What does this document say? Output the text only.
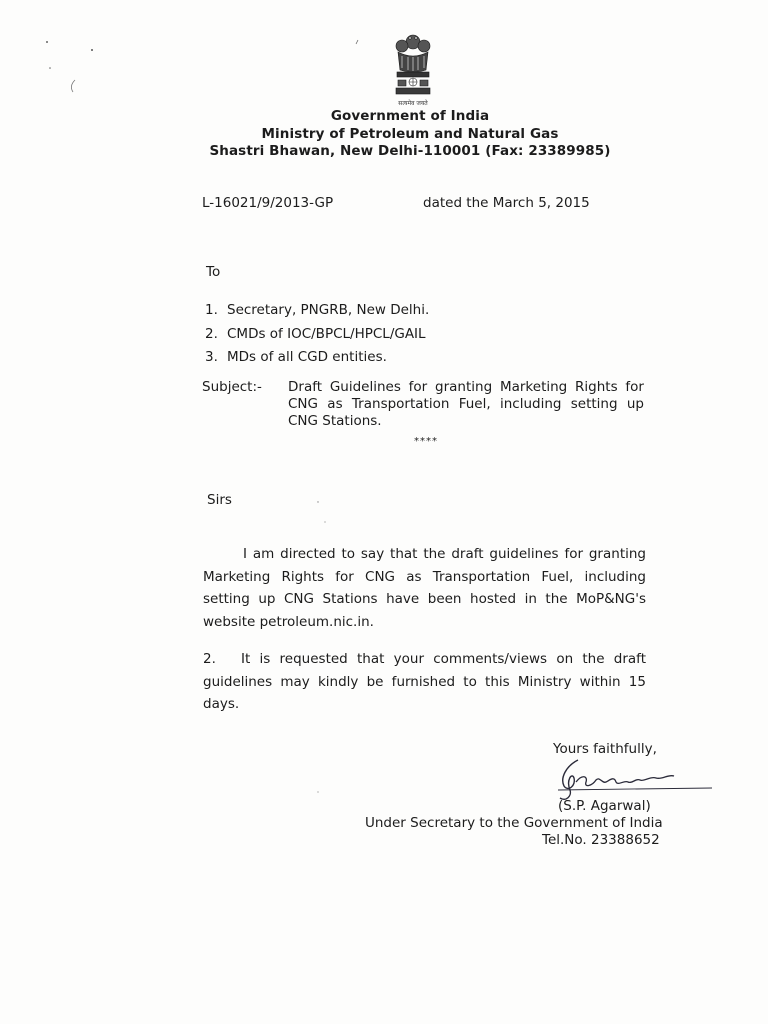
सत्यमेव जयते
Government of India
Ministry of Petroleum and Natural Gas
Shastri Bhawan, New Delhi-110001 (Fax: 23389985)
L-16021/9/2013-GP	dated the March 5, 2015
To
1. Secretary, PNGRB, New Delhi.
2. CMDs of IOC/BPCL/HPCL/GAIL
3. MDs of all CGD entities.
Subject:- Draft Guidelines for granting Marketing Rights for CNG as Transportation Fuel, including setting up CNG Stations.
****
Sirs
I am directed to say that the draft guidelines for granting Marketing Rights for CNG as Transportation Fuel, including setting up CNG Stations have been hosted in the MoP&NG's website petroleum.nic.in.
2. It is requested that your comments/views on the draft guidelines may kindly be furnished to this Ministry within 15 days.
Yours faithfully,
(S.P. Agarwal)
Under Secretary to the Government of India
Tel.No. 23388652
